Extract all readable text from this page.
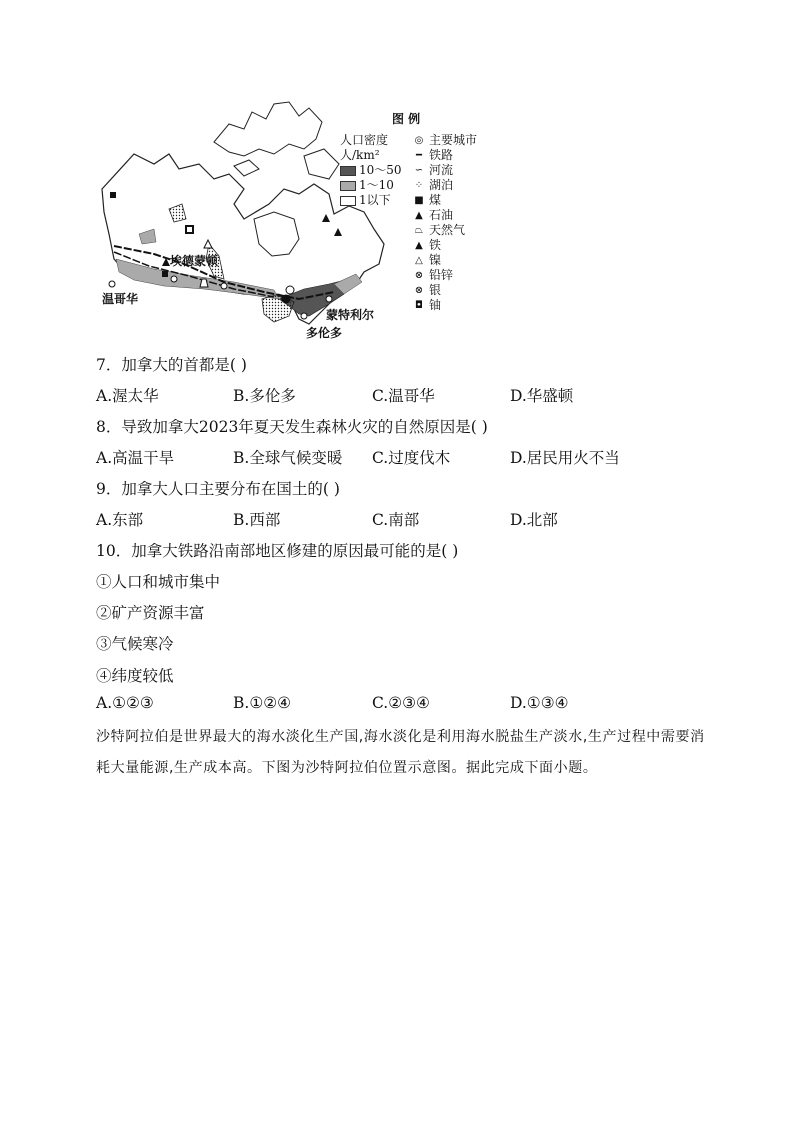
埃德蒙顿
温哥华
蒙特利尔
多伦多
图 例
人口密度
人/km²
10～50
1～10
1以下
◎ 主要城市
━ 铁路
∽ 河流
⁘ 湖泊
■ 煤
▲ 石油
⏢ 天然气
▲ 铁
△ 镍
⊗ 铅锌
⊗ 银
◘ 铀
7．加拿大的首都是( )
A.渥太华	B.多伦多	C.温哥华	D.华盛顿
8．导致加拿大2023年夏天发生森林火灾的自然原因是( )
A.高温干旱	B.全球气候变暖 C.过度伐木	D.居民用火不当
9．加拿大人口主要分布在国土的( )
A.东部	B.西部	C.南部	D.北部
10．加拿大铁路沿南部地区修建的原因最可能的是( )
①人口和城市集中
②矿产资源丰富
③气候寒冷
④纬度较低
A.①②③	B.①②④	C.②③④	D.①③④
沙特阿拉伯是世界最大的海水淡化生产国,海水淡化是利用海水脱盐生产淡水,生产过程中需要消耗大量能源,生产成本高。下图为沙特阿拉伯位置示意图。据此完成下面小题。
